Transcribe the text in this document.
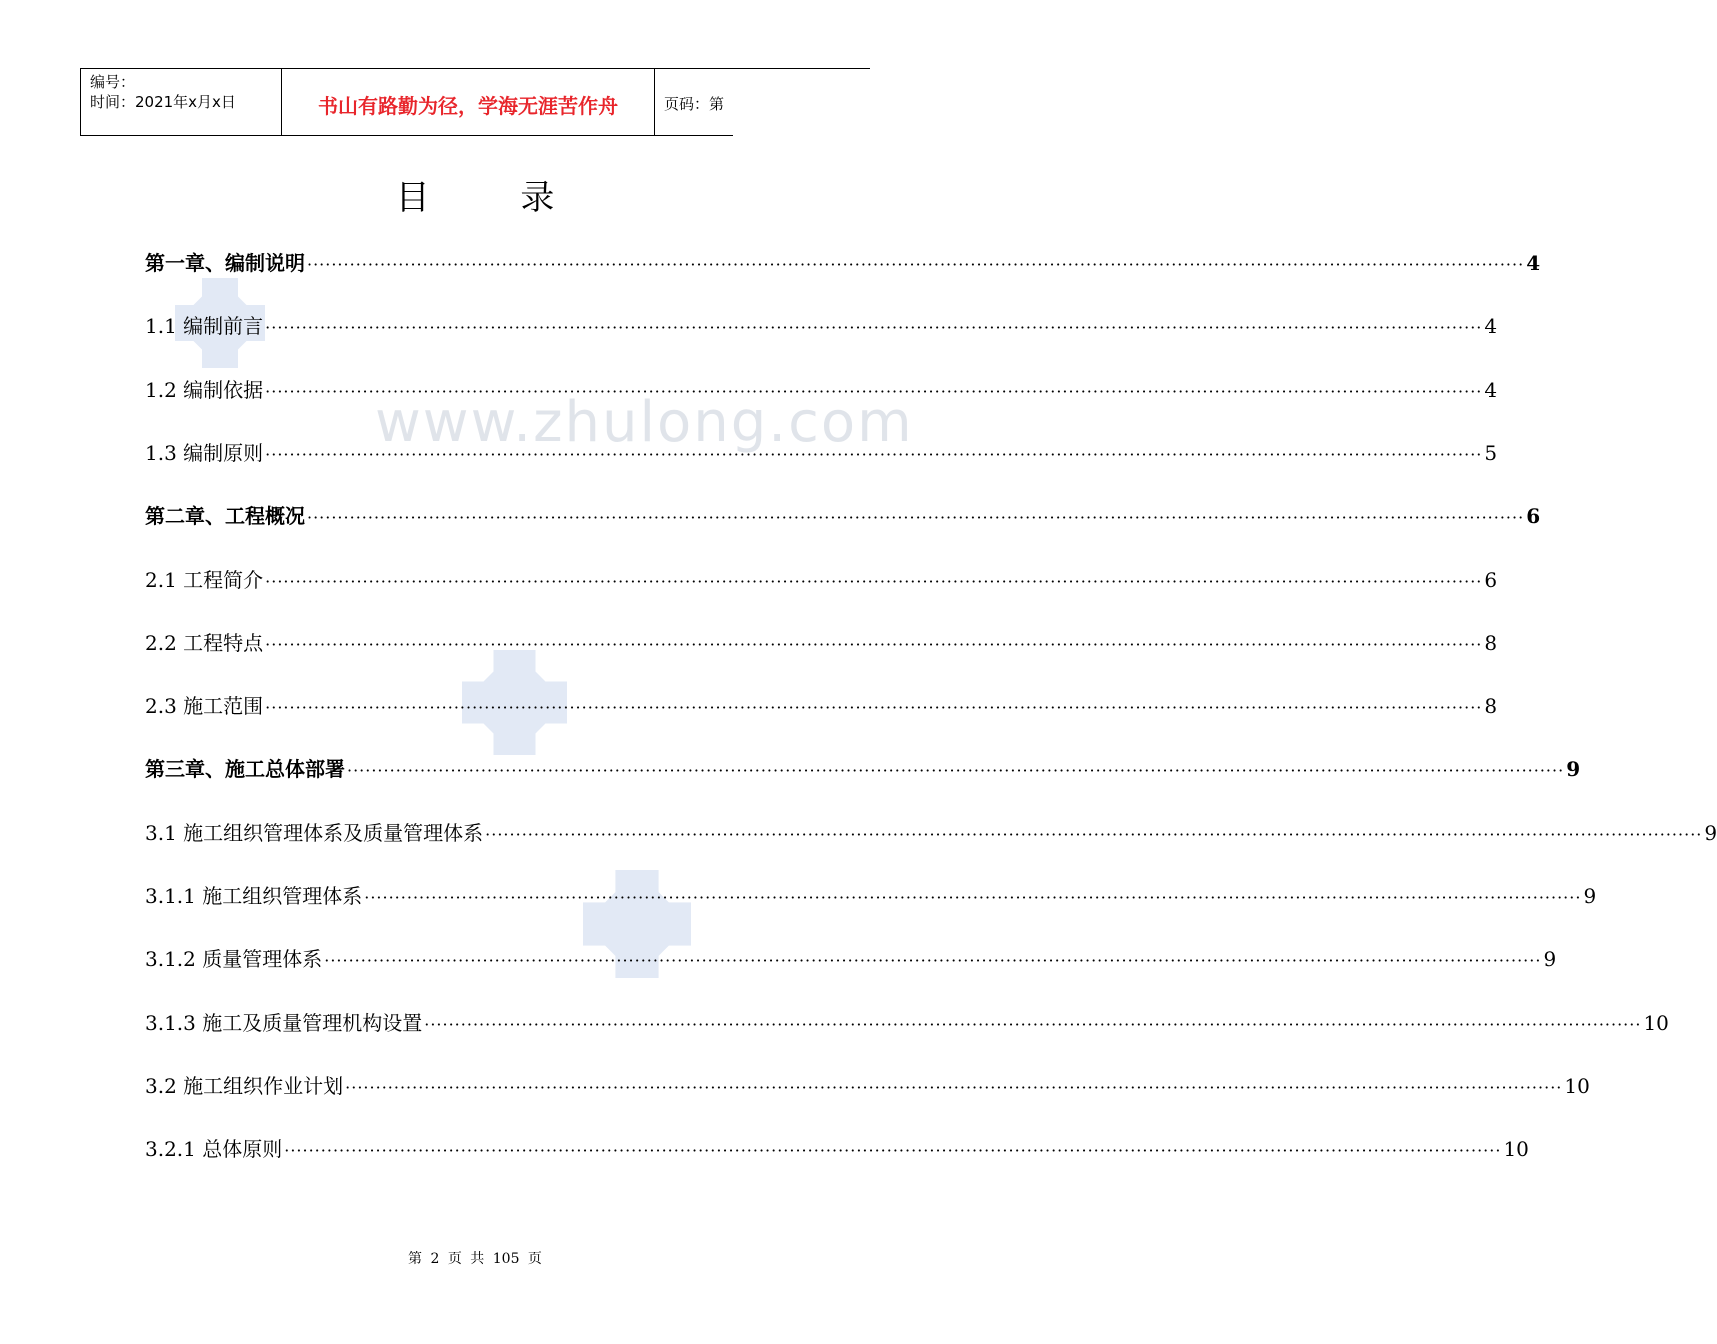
编号：
时间：2021年x月x日	书山有路勤为径，学海无涯苦作舟	页码：第
www.zhulong.com
目 录
第一章、编制说明 ········································································································································································································ 4
1.1 编制前言 ········································································································································································································ 4
1.2 编制依据 ········································································································································································································ 4
1.3 编制原则 ········································································································································································································ 5
第二章、工程概况 ········································································································································································································ 6
2.1 工程简介 ········································································································································································································ 6
2.2 工程特点 ········································································································································································································ 8
2.3 施工范围 ········································································································································································································ 8
第三章、施工总体部署 ········································································································································································································ 9
3.1 施工组织管理体系及质量管理体系 ········································································································································································································ 9
3.1.1 施工组织管理体系 ········································································································································································································ 9
3.1.2 质量管理体系 ········································································································································································································ 9
3.1.3 施工及质量管理机构设置 ········································································································································································································ 10
3.2 施工组织作业计划 ········································································································································································································ 10
3.2.1 总体原则 ········································································································································································································ 10
第 2 页 共 105 页
